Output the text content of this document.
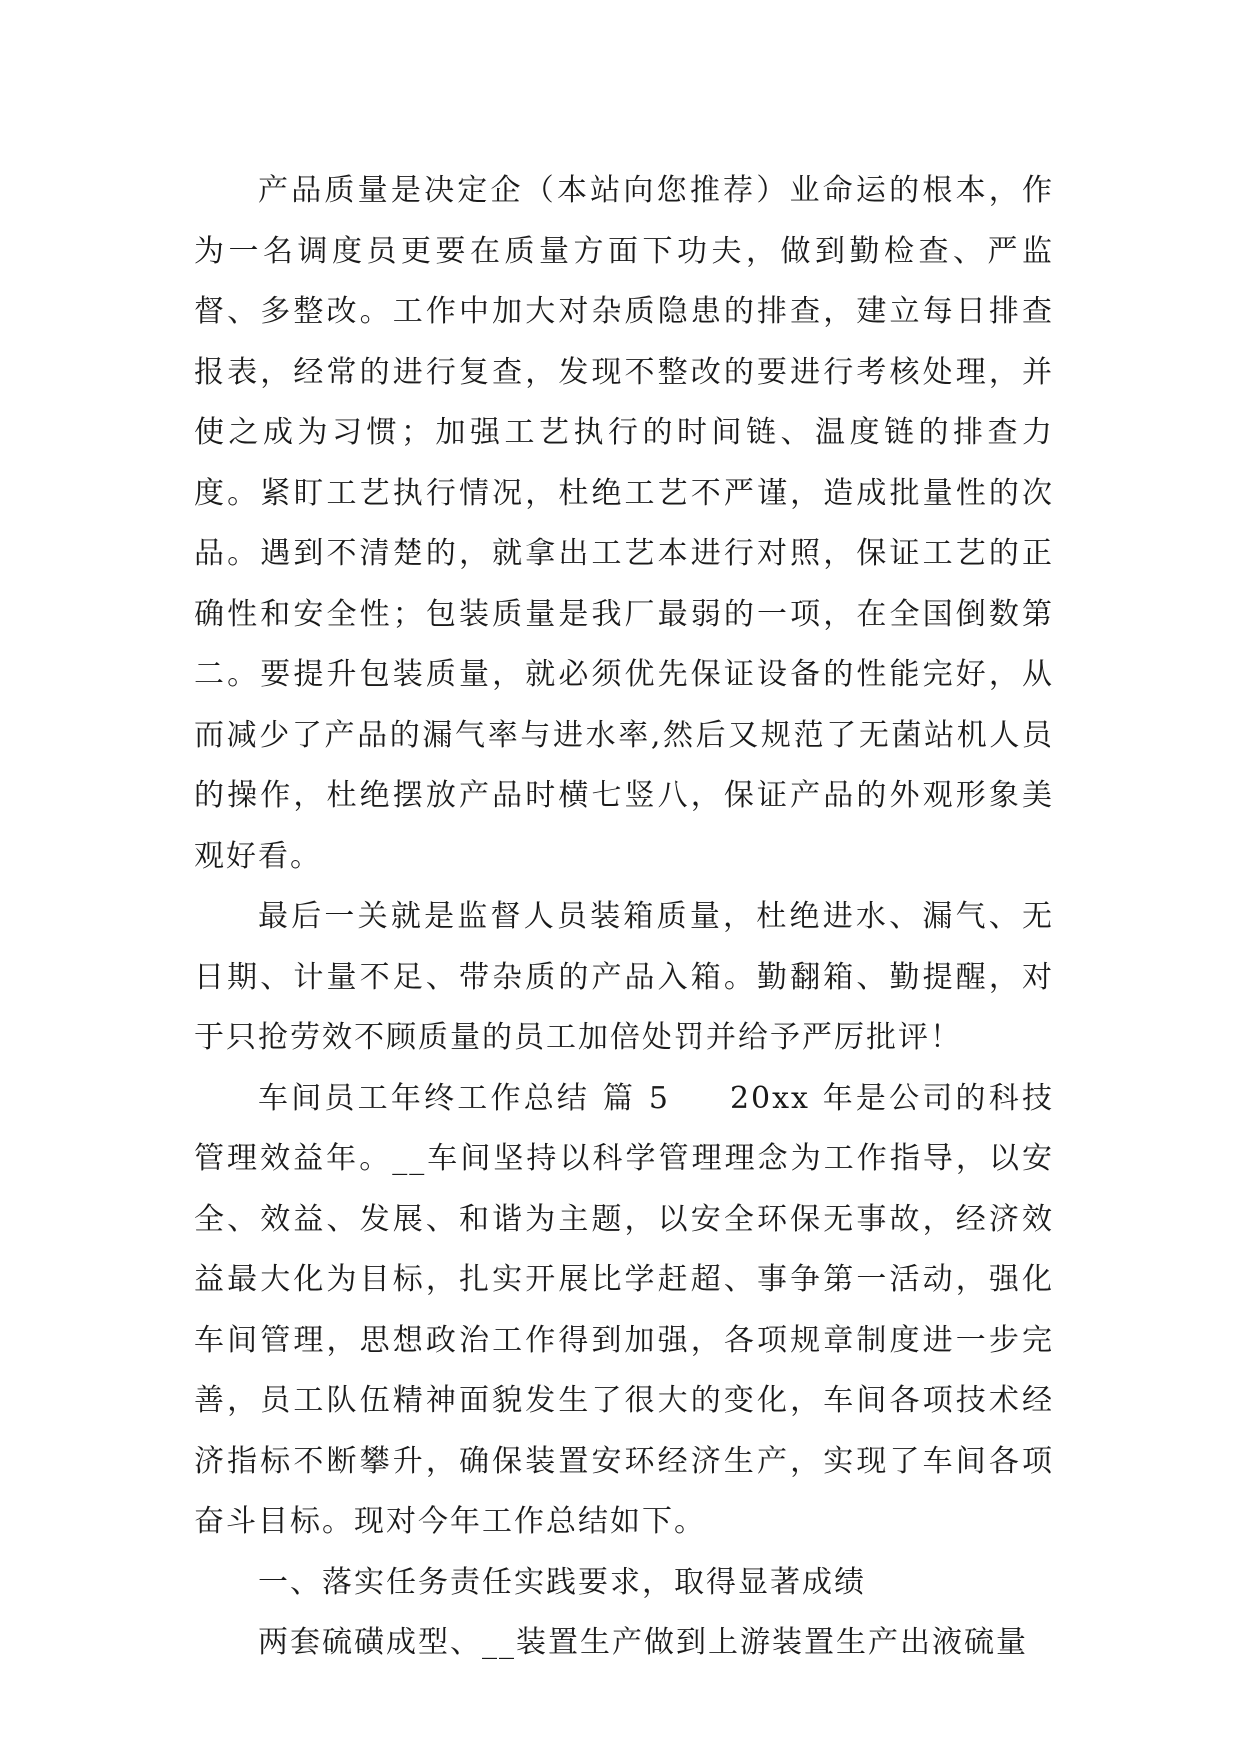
产品质量是决定企（本站向您推荐）业命运的根本，作为一名调度员更要在质量方面下功夫，做到勤检查、严监督、多整改。工作中加大对杂质隐患的排查，建立每日排查报表，经常的进行复查，发现不整改的要进行考核处理，并使之成为习惯；加强工艺执行的时间链、温度链的排查力度。紧盯工艺执行情况，杜绝工艺不严谨，造成批量性的次品。遇到不清楚的，就拿出工艺本进行对照，保证工艺的正确性和安全性；包装质量是我厂最弱的一项，在全国倒数第二。要提升包装质量，就必须优先保证设备的性能完好，从而减少了产品的漏气率与进水率,然后又规范了无菌站机人员的操作，杜绝摆放产品时横七竖八，保证产品的外观形象美观好看。

最后一关就是监督人员装箱质量，杜绝进水、漏气、无日期、计量不足、带杂质的产品入箱。勤翻箱、勤提醒，对于只抢劳效不顾质量的员工加倍处罚并给予严厉批评！

车间员工年终工作总结 篇 5 20xx 年是公司的科技管理效益年。__车间坚持以科学管理理念为工作指导，以安全、效益、发展、和谐为主题，以安全环保无事故，经济效益最大化为目标，扎实开展比学赶超、事争第一活动，强化车间管理，思想政治工作得到加强，各项规章制度进一步完善，员工队伍精神面貌发生了很大的变化，车间各项技术经济指标不断攀升，确保装置安环经济生产，实现了车间各项奋斗目标。现对今年工作总结如下。

一、落实任务责任实践要求，取得显著成绩

两套硫磺成型、__装置生产做到上游装置生产出液硫量
